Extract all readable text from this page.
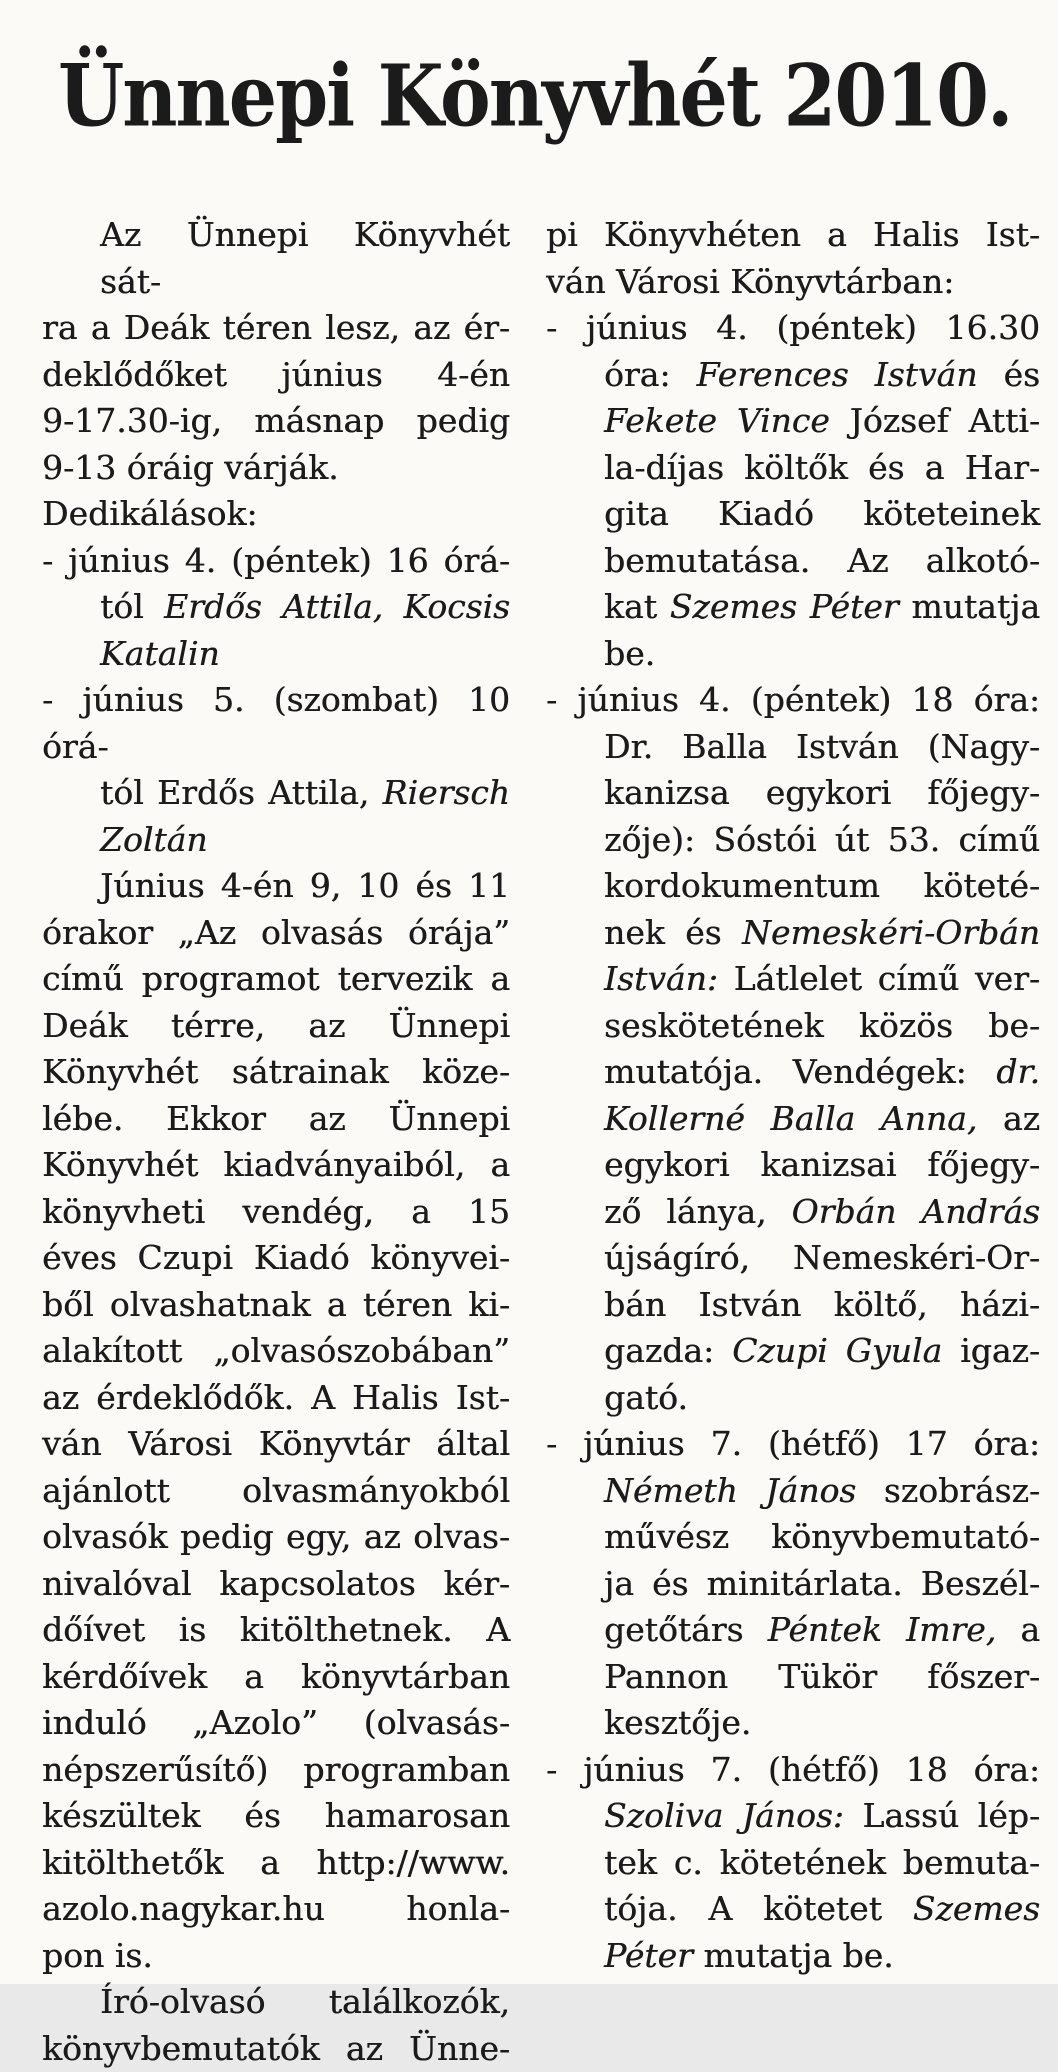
Ünnepi Könyvhét 2010.
Az Ünnepi Könyvhét sát-
ra a Deák téren lesz, az ér-
deklődőket június 4-én
9-17.30-ig, másnap pedig
9-13 óráig várják.
Dedikálások:
- június 4. (péntek) 16 órá-
tól Erdős Attila, Kocsis
Katalin
- június 5. (szombat) 10 órá-
tól Erdős Attila, Riersch
Zoltán
Június 4-én 9, 10 és 11
órakor „Az olvasás órája”
című programot tervezik a
Deák térre, az Ünnepi
Könyvhét sátrainak köze-
lébe. Ekkor az Ünnepi
Könyvhét kiadványaiból, a
könyvheti vendég, a 15
éves Czupi Kiadó könyvei-
ből olvashatnak a téren ki-
alakított „olvasószobában”
az érdeklődők. A Halis Ist-
ván Városi Könyvtár által
ajánlott olvasmányokból
olvasók pedig egy, az olvas-
nivalóval kapcsolatos kér-
dőívet is kitölthetnek. A
kérdőívek a könyvtárban
induló „Azolo” (olvasás-
népszerűsítő) programban
készültek és hamarosan
kitölthetők a http://www.
azolo.nagykar.hu honla-
pon is.
Író-olvasó találkozók,
könyvbemutatók az Ünne-
pi Könyvhéten a Halis Ist-
ván Városi Könyvtárban:
- június 4. (péntek) 16.30
óra: Ferences István és
Fekete Vince József Atti-
la-díjas költők és a Har-
gita Kiadó köteteinek
bemutatása. Az alkotó-
kat Szemes Péter mutatja
be.
- június 4. (péntek) 18 óra:
Dr. Balla István (Nagy-
kanizsa egykori főjegy-
zője): Sóstói út 53. című
kordokumentum köteté-
nek és Nemeskéri-Orbán
István: Látlelet című ver-
seskötetének közös be-
mutatója. Vendégek: dr.
Kollerné Balla Anna, az
egykori kanizsai főjegy-
ző lánya, Orbán András
újságíró, Nemeskéri-Or-
bán István költő, házi-
gazda: Czupi Gyula igaz-
gató.
- június 7. (hétfő) 17 óra:
Németh János szobrász-
művész könyvbemutató-
ja és minitárlata. Beszél-
getőtárs Péntek Imre, a
Pannon Tükör főszer-
kesztője.
- június 7. (hétfő) 18 óra:
Szoliva János: Lassú lép-
tek c. kötetének bemuta-
tója. A kötetet Szemes
Péter mutatja be.
